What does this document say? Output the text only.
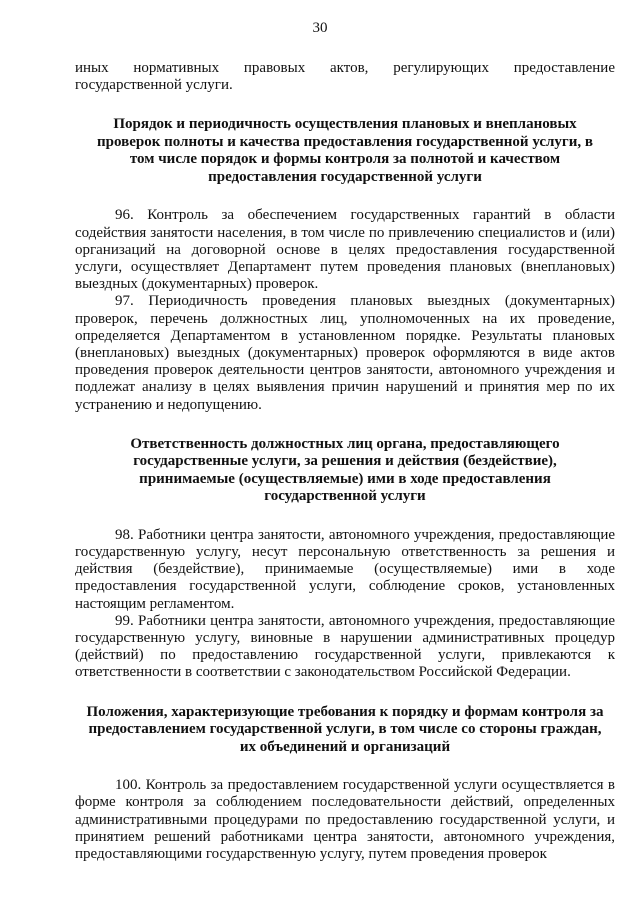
30

иных нормативных правовых актов, регулирующих предоставление государственной услуги.

Порядок и периодичность осуществления плановых и внеплановых проверок полноты и качества предоставления государственной услуги, в том числе порядок и формы контроля за полнотой и качеством предоставления государственной услуги

96. Контроль за обеспечением государственных гарантий в области содействия занятости населения, в том числе по привлечению специалистов и (или) организаций на договорной основе в целях предоставления государственной услуги, осуществляет Департамент путем проведения плановых (внеплановых) выездных (документарных) проверок.

97. Периодичность проведения плановых выездных (документарных) проверок, перечень должностных лиц, уполномоченных на их проведение, определяется Департаментом в установленном порядке. Результаты плановых (внеплановых) выездных (документарных) проверок оформляются в виде актов проведения проверок деятельности центров занятости, автономного учреждения и подлежат анализу в целях выявления причин нарушений и принятия мер по их устранению и недопущению.

Ответственность должностных лиц органа, предоставляющего государственные услуги, за решения и действия (бездействие), принимаемые (осуществляемые) ими в ходе предоставления государственной услуги

98. Работники центра занятости, автономного учреждения, предоставляющие государственную услугу, несут персональную ответственность за решения и действия (бездействие), принимаемые (осуществляемые) ими в ходе предоставления государственной услуги, соблюдение сроков, установленных настоящим регламентом.

99. Работники центра занятости, автономного учреждения, предоставляющие государственную услугу, виновные в нарушении административных процедур (действий) по предоставлению государственной услуги, привлекаются к ответственности в соответствии с законодательством Российской Федерации.

Положения, характеризующие требования к порядку и формам контроля за предоставлением государственной услуги, в том числе со стороны граждан, их объединений и организаций

100. Контроль за предоставлением государственной услуги осуществляется в форме контроля за соблюдением последовательности действий, определенных административными процедурами по предоставлению государственной услуги, и принятием решений работниками центра занятости, автономного учреждения, предоставляющими государственную услугу, путем проведения проверок
